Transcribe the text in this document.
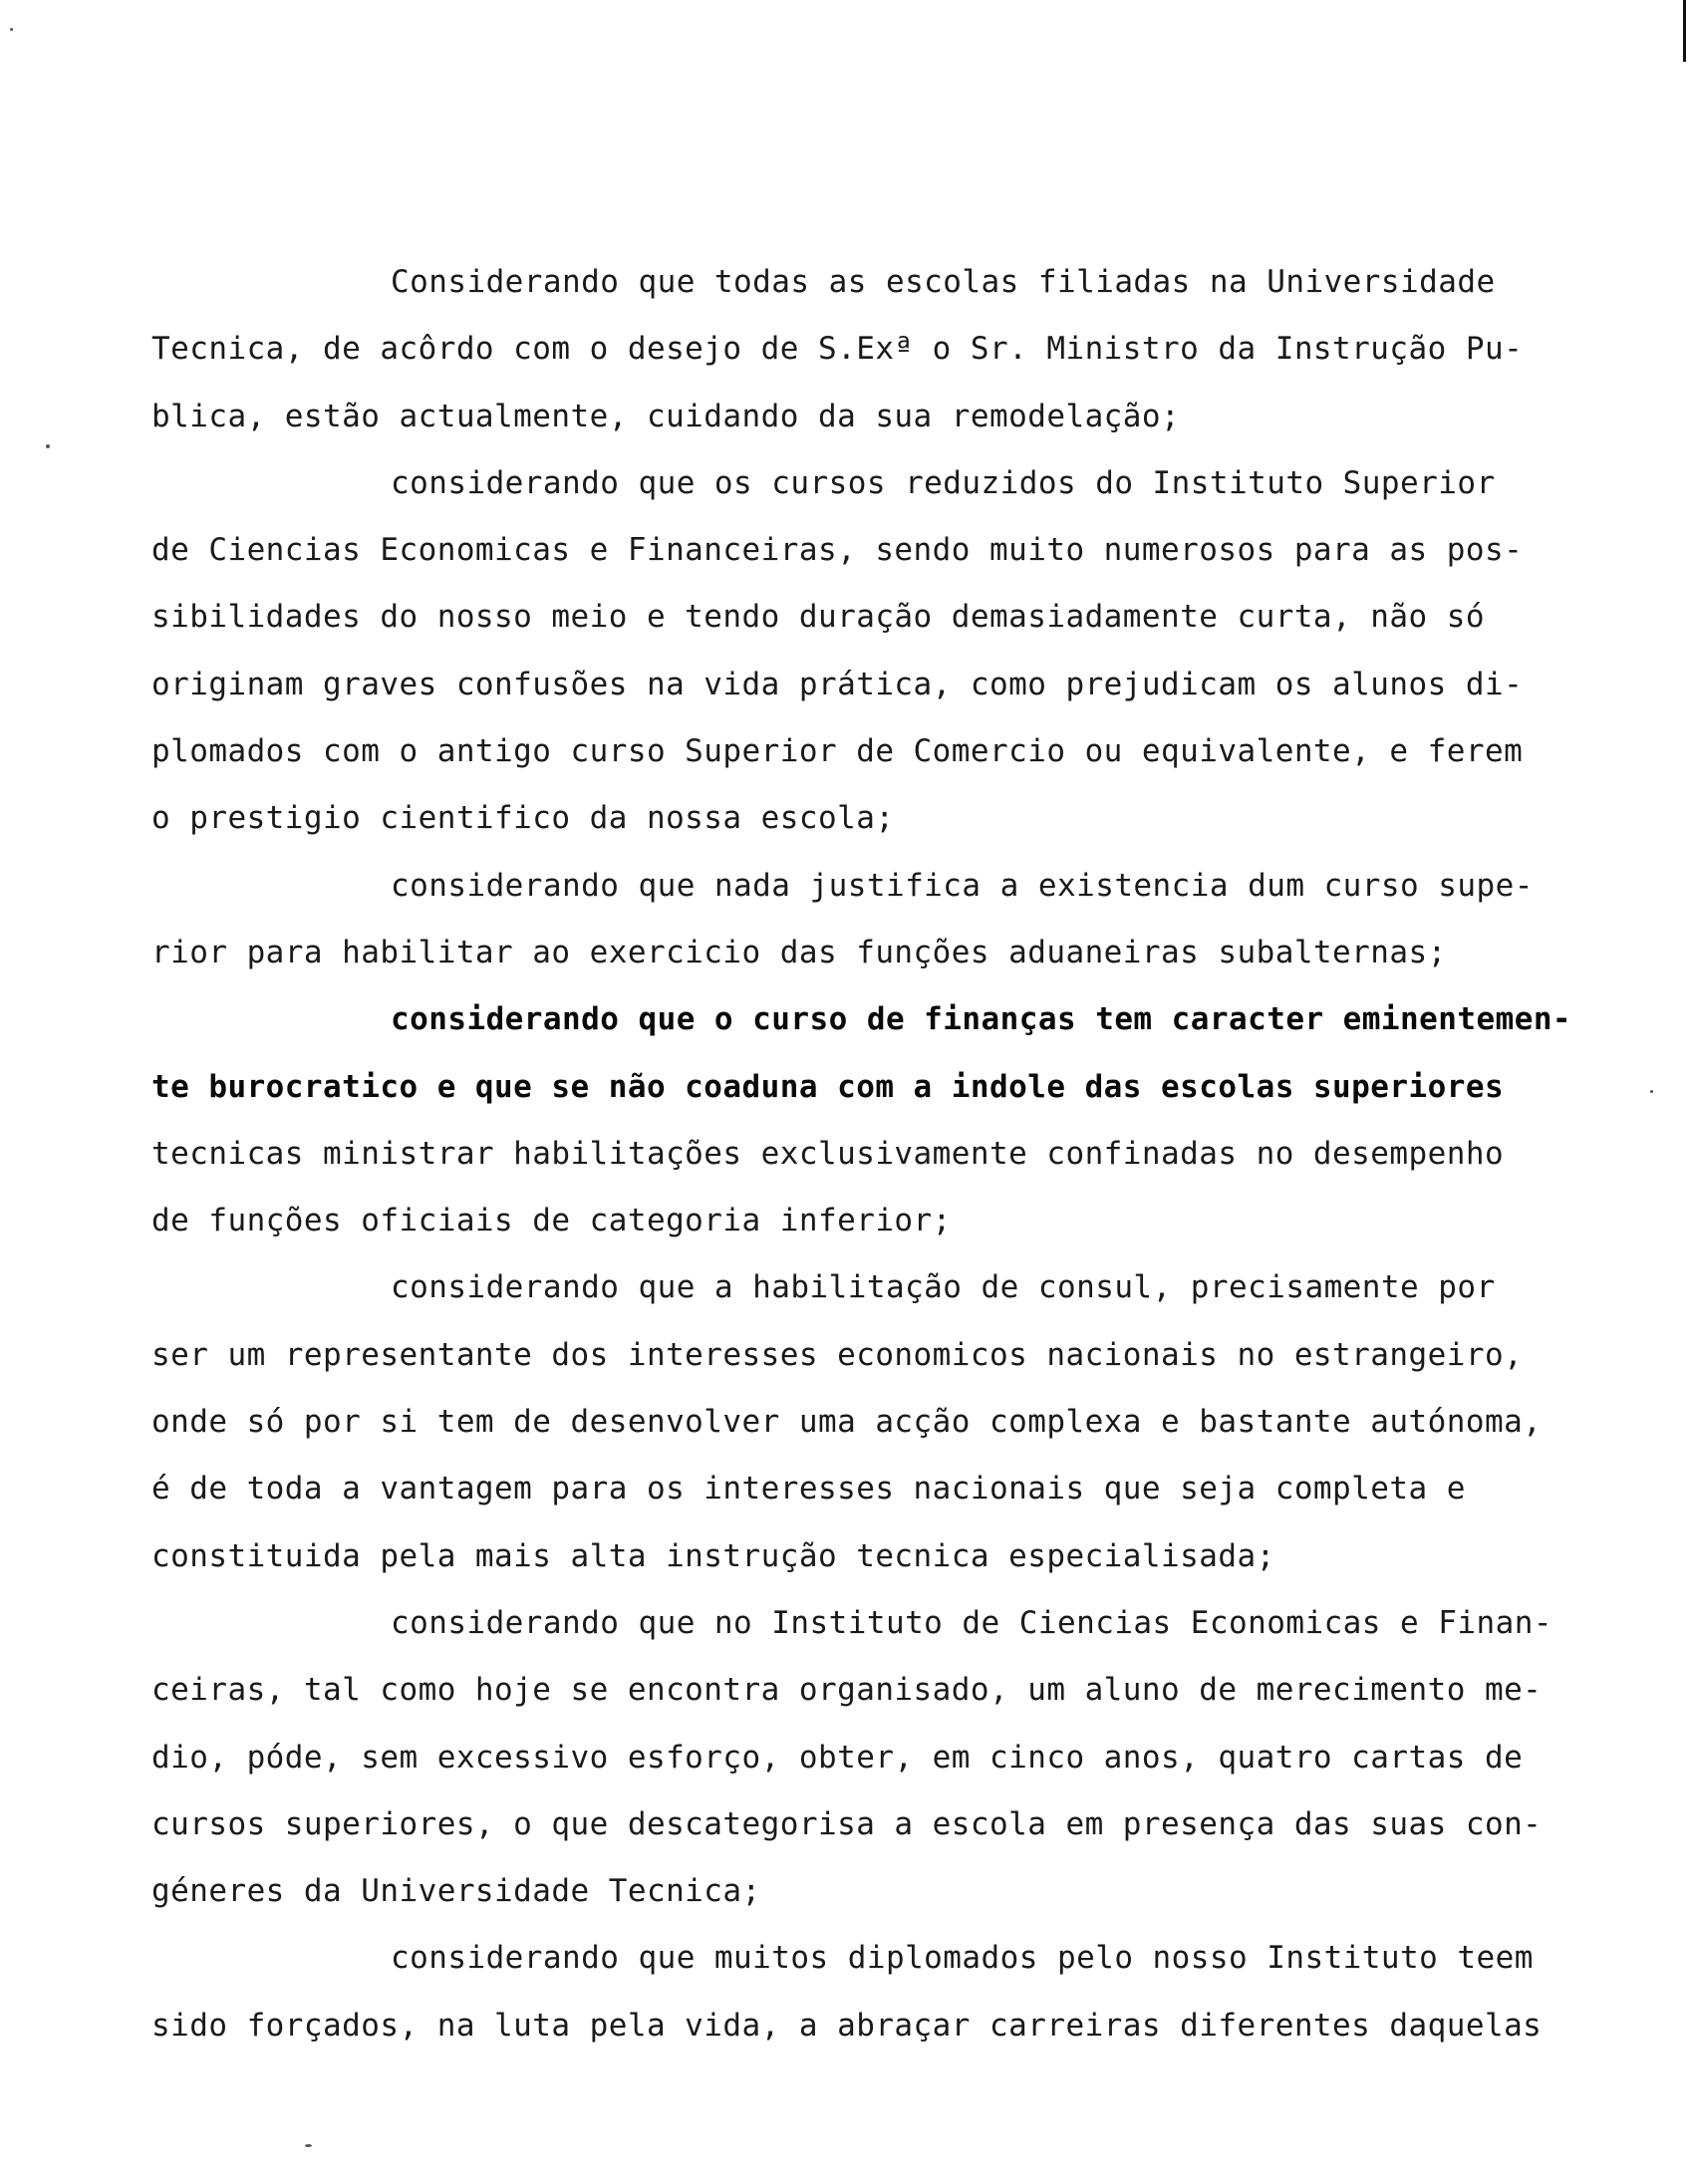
Considerando que todas as escolas filiadas na Universidade
Tecnica, de acôrdo com o desejo de S.Exª o Sr. Ministro da Instrução Pu-
blica, estão actualmente, cuidando da sua remodelação;
considerando que os cursos reduzidos do Instituto Superior
de Ciencias Economicas e Financeiras, sendo muito numerosos para as pos-
sibilidades do nosso meio e tendo duração demasiadamente curta, não só
originam graves confusões na vida prática, como prejudicam os alunos di-
plomados com o antigo curso Superior de Comercio ou equivalente, e ferem
o prestigio cientifico da nossa escola;
considerando que nada justifica a existencia dum curso supe-
rior para habilitar ao exercicio das funções aduaneiras subalternas;
considerando que o curso de finanças tem caracter eminentemen-
te burocratico e que se não coaduna com a indole das escolas superiores
tecnicas ministrar habilitações exclusivamente confinadas no desempenho
de funções oficiais de categoria inferior;
considerando que a habilitação de consul, precisamente por
ser um representante dos interesses economicos nacionais no estrangeiro,
onde só por si tem de desenvolver uma acção complexa e bastante autónoma,
é de toda a vantagem para os interesses nacionais que seja completa e
constituida pela mais alta instrução tecnica especialisada;
considerando que no Instituto de Ciencias Economicas e Finan-
ceiras, tal como hoje se encontra organisado, um aluno de merecimento me-
dio, póde, sem excessivo esforço, obter, em cinco anos, quatro cartas de
cursos superiores, o que descategorisa a escola em presença das suas con-
géneres da Universidade Tecnica;
considerando que muitos diplomados pelo nosso Instituto teem
sido forçados, na luta pela vida, a abraçar carreiras diferentes daquelas
